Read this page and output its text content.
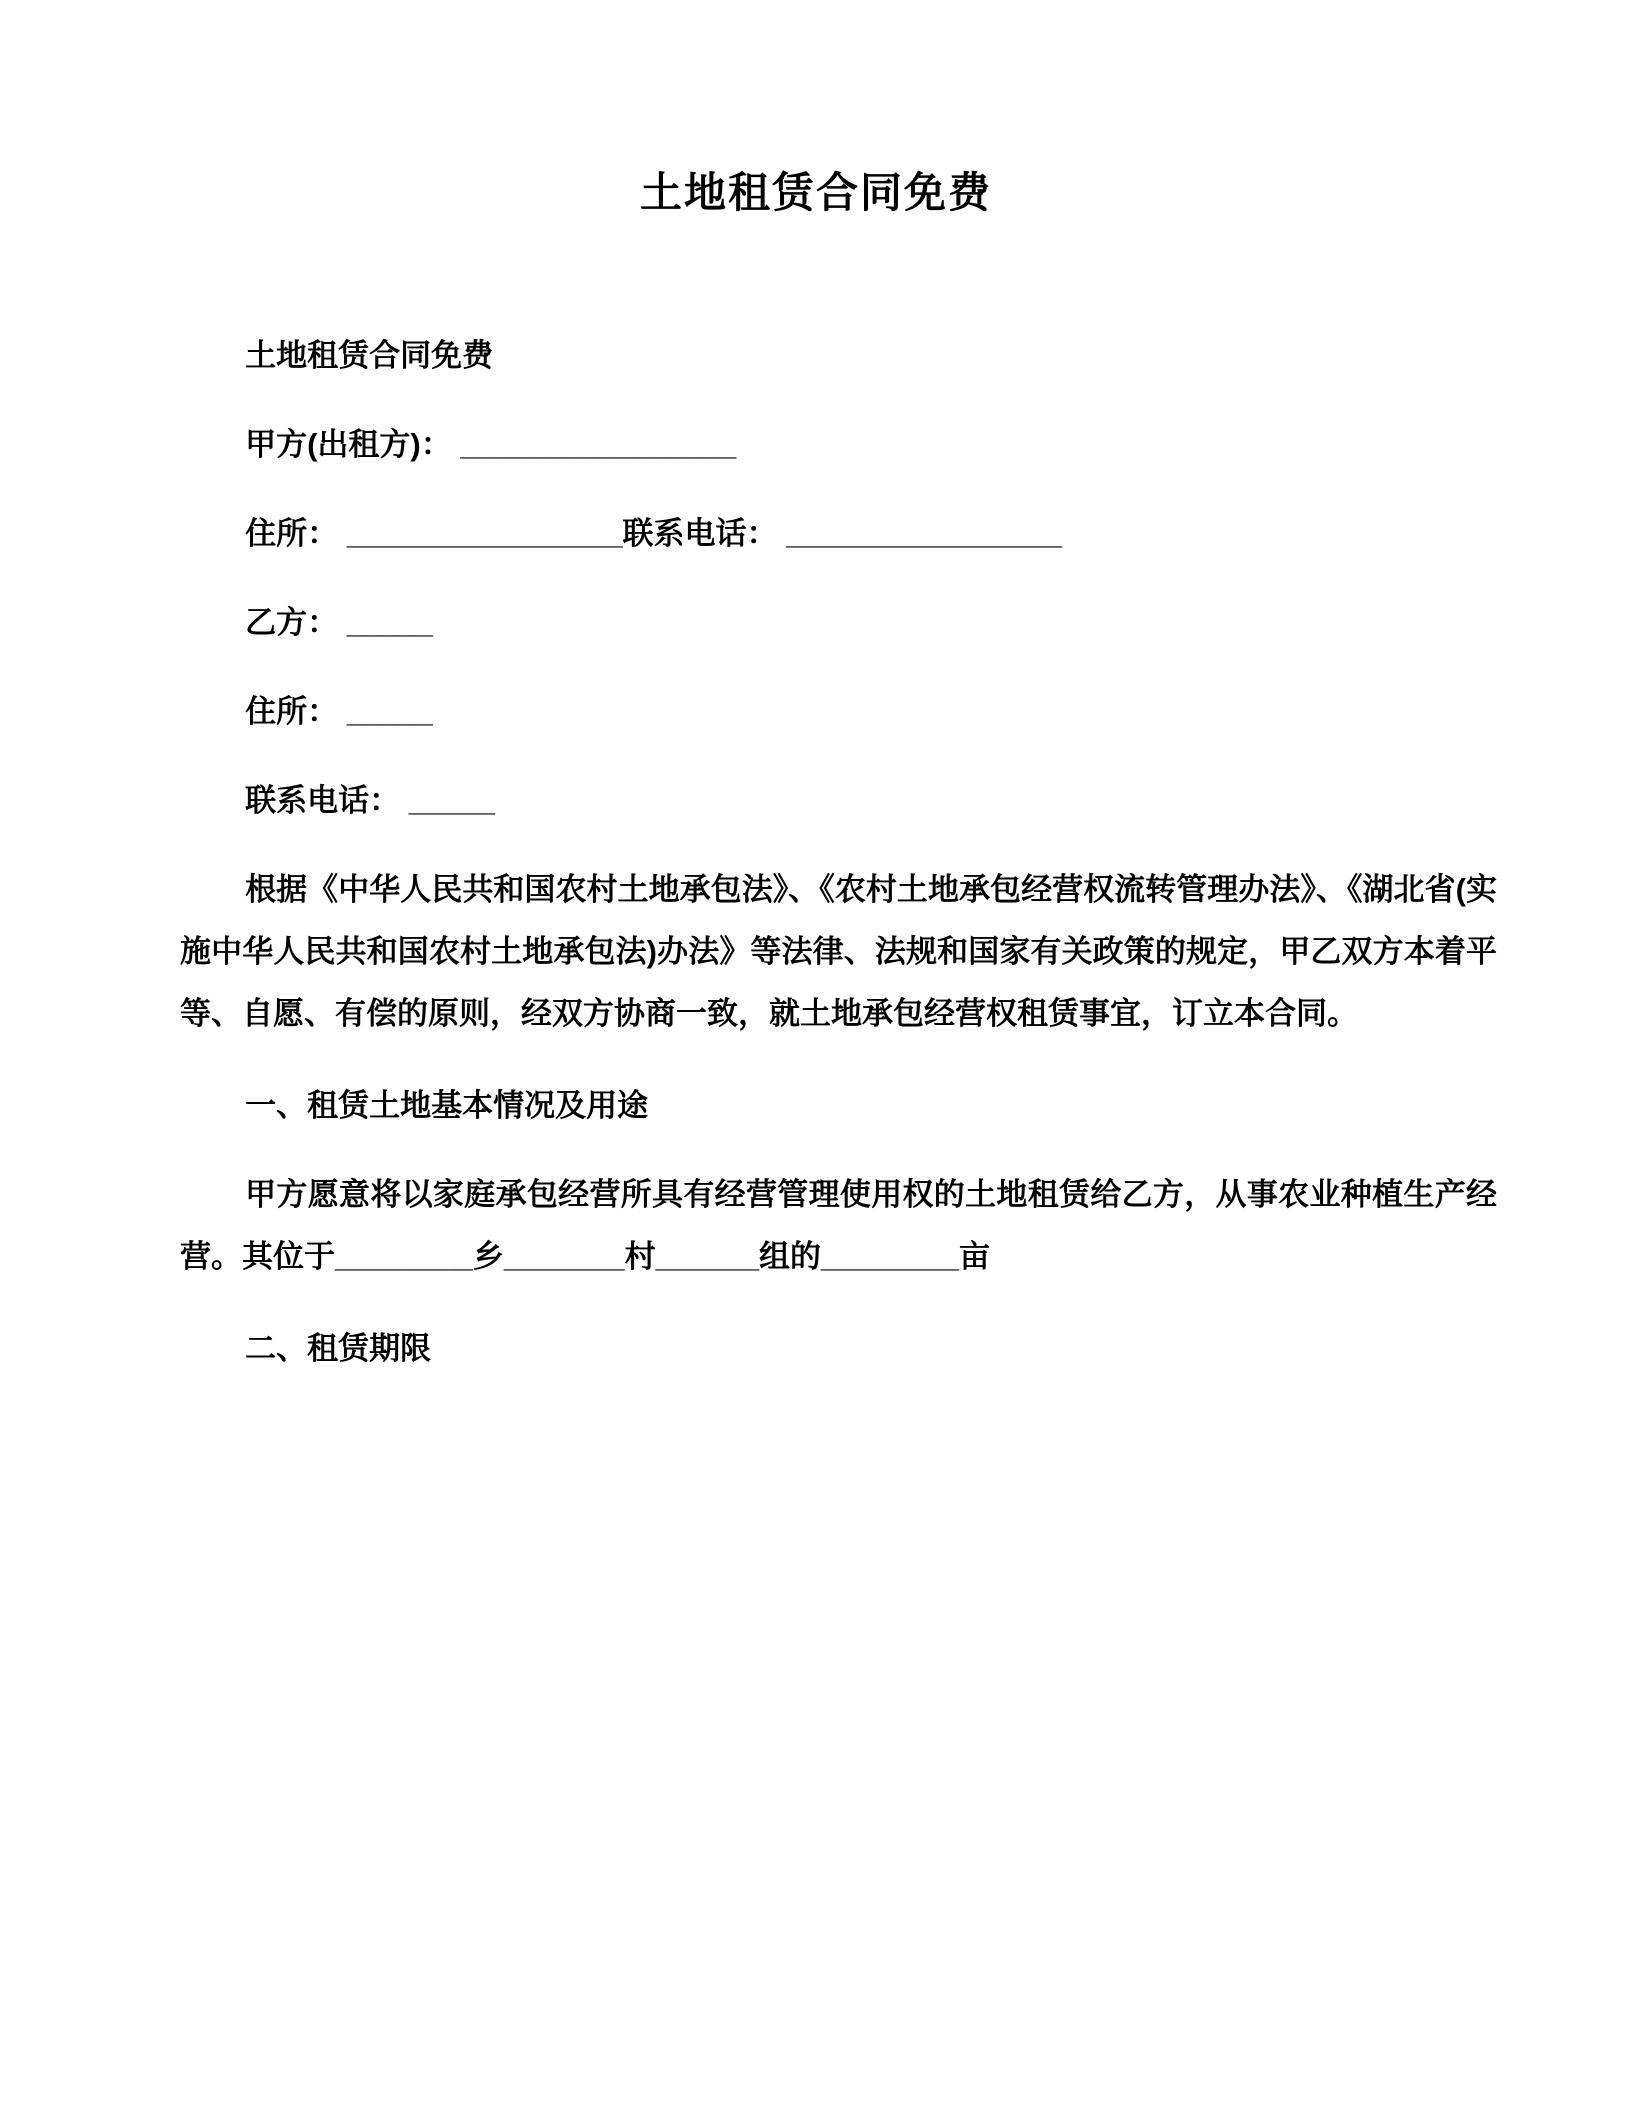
土地租赁合同免费

土地租赁合同免费

甲方(出租方)： ________________

住所： ________________联系电话： ________________

乙方： _____

住所： _____

联系电话： _____

根据《中华人民共和国农村土地承包法》、《农村土地承包经营权流转管理办法》、《湖北省(实施中华人民共和国农村土地承包法)办法》等法律、法规和国家有关政策的规定，甲乙双方本着平等、自愿、有偿的原则，经双方协商一致，就土地承包经营权租赁事宜，订立本合同。

一、租赁土地基本情况及用途

甲方愿意将以家庭承包经营所具有经营管理使用权的土地租赁给乙方，从事农业种植生产经营。其位于________乡_______村______组的________亩

二、租赁期限
